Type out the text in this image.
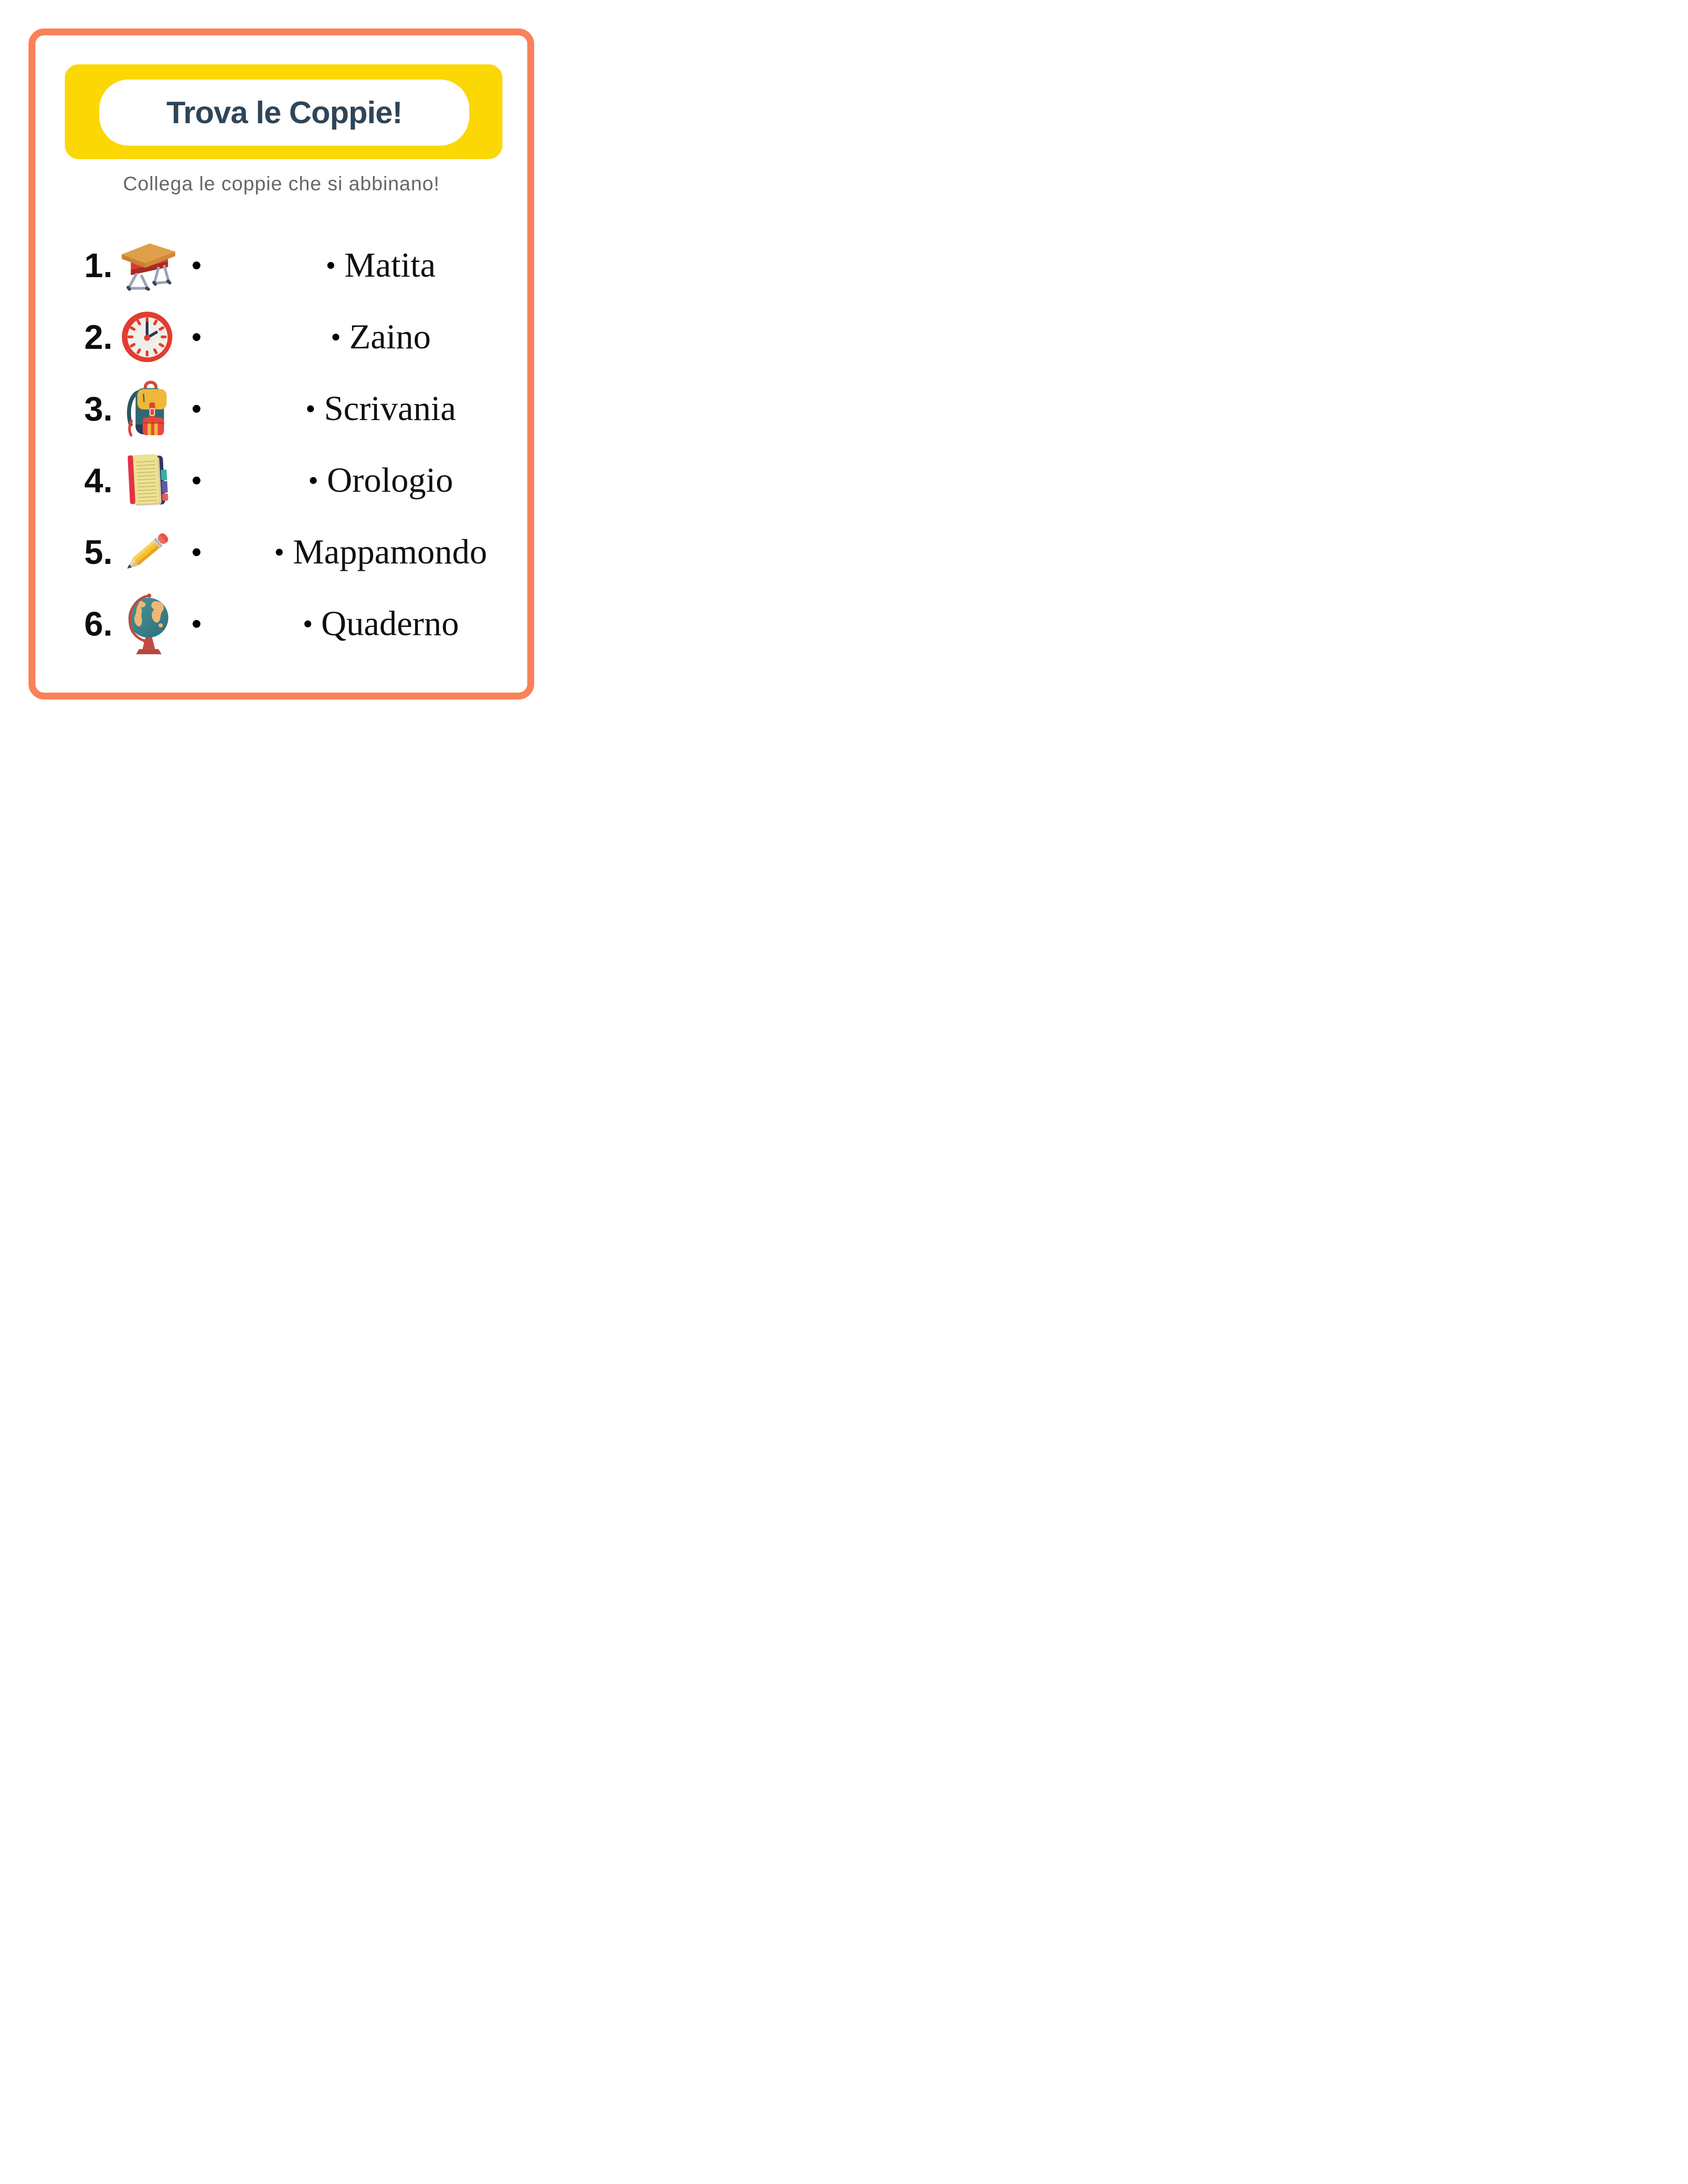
Trova le Coppie!
Collega le coppie che si abbinano!
1.	Matita
2.	Zaino
3.	Scrivania
4.	Orologio
5.	Mappamondo
6.	Quaderno
